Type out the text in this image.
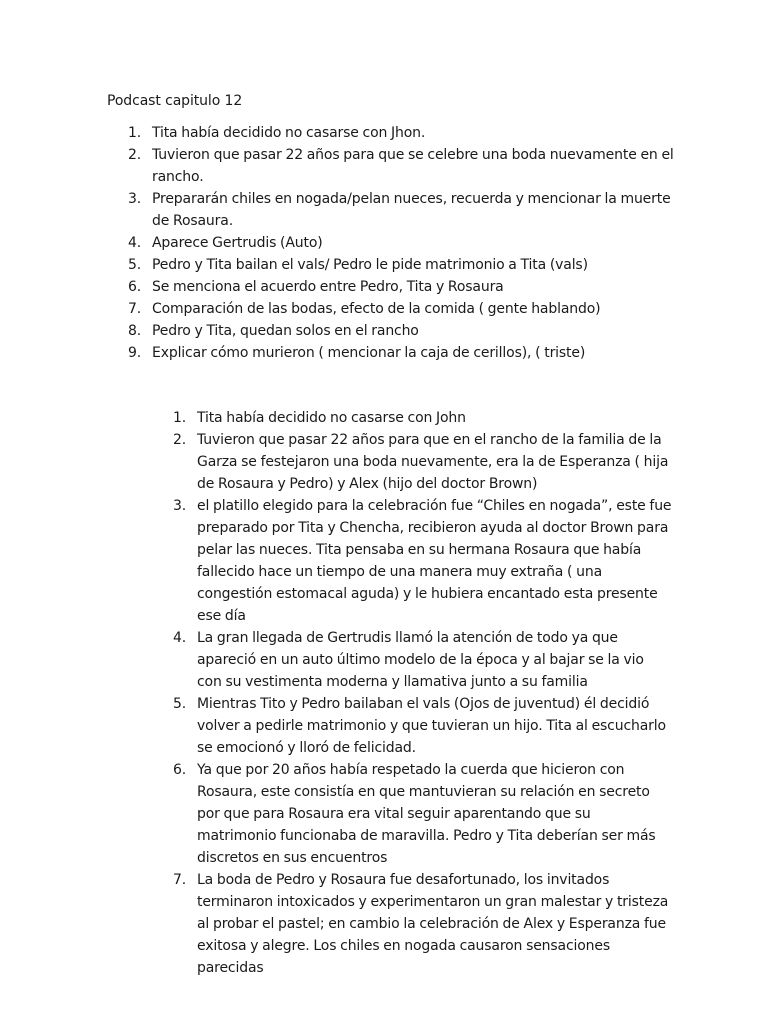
Podcast capitulo 12
1. Tita había decidido no casarse con Jhon.
2. Tuvieron que pasar 22 años para que se celebre una boda nuevamente en el rancho.
3. Prepararán chiles en nogada/pelan nueces, recuerda y mencionar la muerte de Rosaura.
4. Aparece Gertrudis (Auto)
5. Pedro y Tita bailan el vals/ Pedro le pide matrimonio a Tita (vals)
6. Se menciona el acuerdo entre Pedro, Tita y Rosaura
7. Comparación de las bodas, efecto de la comida ( gente hablando)
8. Pedro y Tita, quedan solos en el rancho
9. Explicar cómo murieron ( mencionar la caja de cerillos), ( triste)
1. Tita había decidido no casarse con John
2. Tuvieron que pasar 22 años para que en el rancho de la familia de la Garza se festejaron una boda nuevamente, era la de Esperanza ( hija de Rosaura y Pedro) y Alex (hijo del doctor Brown)
3. el platillo elegido para la celebración fue “Chiles en nogada”, este fue preparado por Tita y Chencha, recibieron ayuda al doctor Brown para pelar las nueces. Tita pensaba en su hermana Rosaura que había fallecido hace un tiempo de una manera muy extraña ( una congestión estomacal aguda) y le hubiera encantado esta presente ese día
4. La gran llegada de Gertrudis llamó la atención de todo ya que apareció en un auto último modelo de la época y al bajar se la vio con su vestimenta moderna y llamativa junto a su familia
5. Mientras Tito y Pedro bailaban el vals (Ojos de juventud) él decidió volver a pedirle matrimonio y que tuvieran un hijo. Tita al escucharlo se emocionó y lloró de felicidad.
6. Ya que por 20 años había respetado la cuerda que hicieron con Rosaura, este consistía en que mantuvieran su relación en secreto por que para Rosaura era vital seguir aparentando que su matrimonio funcionaba de maravilla. Pedro y Tita deberían ser más discretos en sus encuentros
7. La boda de Pedro y Rosaura fue desafortunado, los invitados terminaron intoxicados y experimentaron un gran malestar y tristeza al probar el pastel; en cambio la celebración de Alex y Esperanza fue exitosa y alegre. Los chiles en nogada causaron sensaciones parecidas
